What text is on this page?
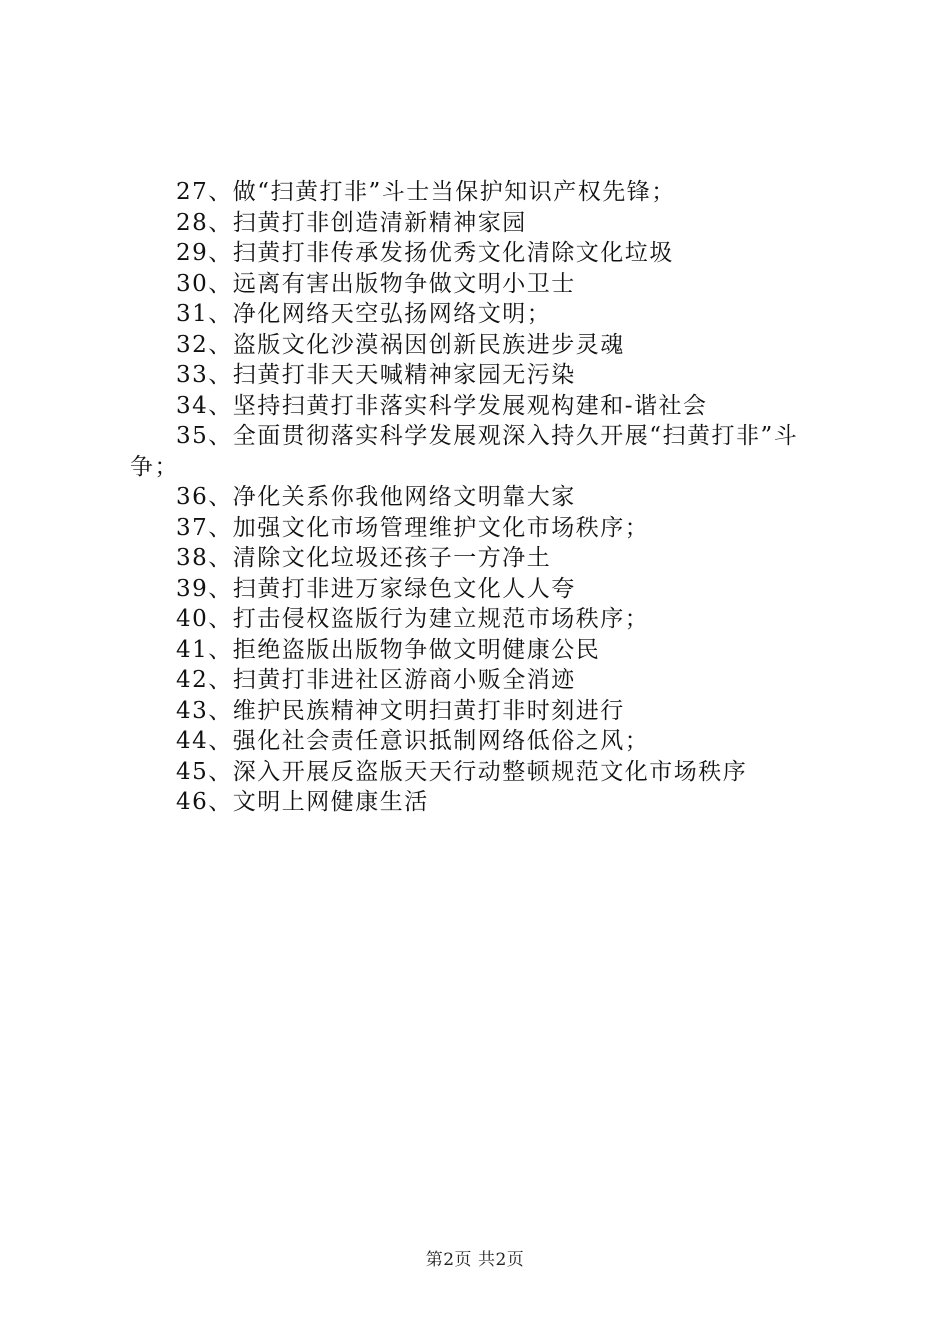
27、做“扫黄打非”斗士当保护知识产权先锋；

28、扫黄打非创造清新精神家园

29、扫黄打非传承发扬优秀文化清除文化垃圾

30、远离有害出版物争做文明小卫士

31、净化网络天空弘扬网络文明；

32、盗版文化沙漠祸因创新民族进步灵魂

33、扫黄打非天天喊精神家园无污染

34、坚持扫黄打非落实科学发展观构建和-谐社会

35、全面贯彻落实科学发展观深入持久开展“扫黄打非”斗争；

36、净化关系你我他网络文明靠大家

37、加强文化市场管理维护文化市场秩序；

38、清除文化垃圾还孩子一方净土

39、扫黄打非进万家绿色文化人人夸

40、打击侵权盗版行为建立规范市场秩序；

41、拒绝盗版出版物争做文明健康公民

42、扫黄打非进社区游商小贩全消迹

43、维护民族精神文明扫黄打非时刻进行

44、强化社会责任意识抵制网络低俗之风；

45、深入开展反盗版天天行动整顿规范文化市场秩序

46、文明上网健康生活

第2页 共2页
